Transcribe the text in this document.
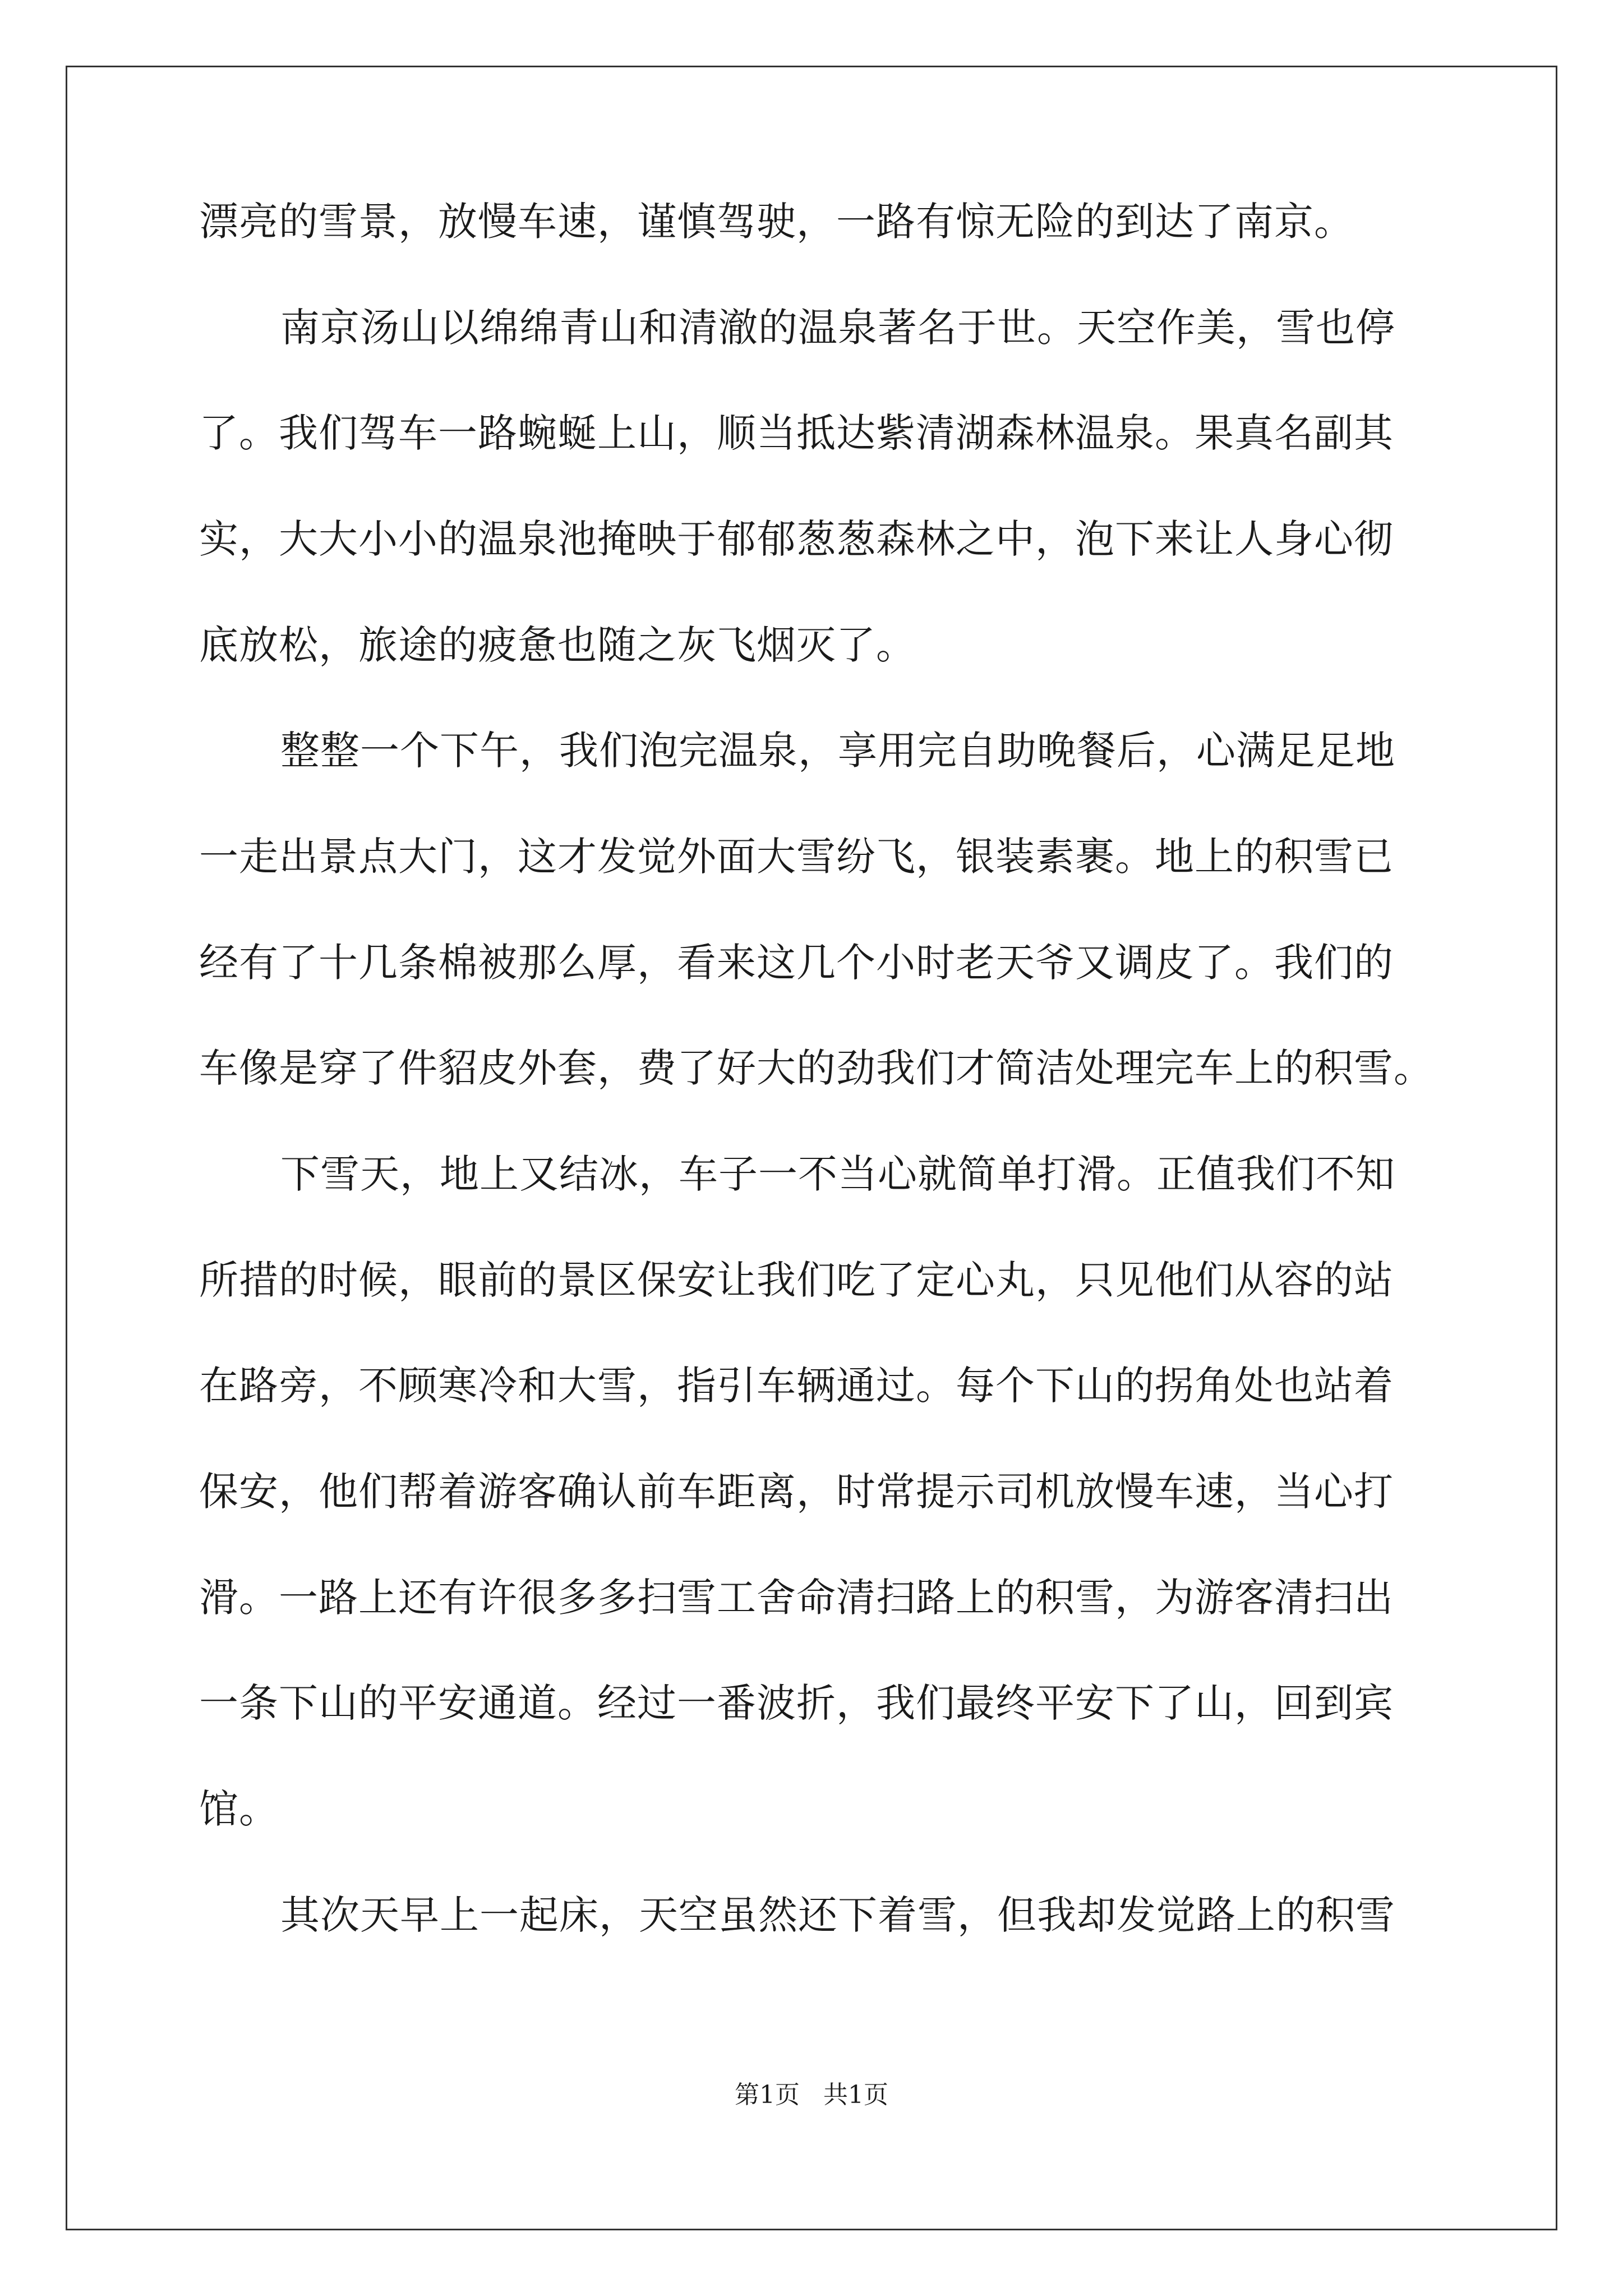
漂亮的雪景，放慢车速，谨慎驾驶，一路有惊无险的到达了南京。
南京汤山以绵绵青山和清澈的温泉著名于世。天空作美，雪也停
了。我们驾车一路蜿蜒上山，顺当抵达紫清湖森林温泉。果真名副其
实，大大小小的温泉池掩映于郁郁葱葱森林之中，泡下来让人身心彻
底放松，旅途的疲惫也随之灰飞烟灭了。
整整一个下午，我们泡完温泉，享用完自助晚餐后，心满足足地
一走出景点大门，这才发觉外面大雪纷飞，银装素裹。地上的积雪已
经有了十几条棉被那么厚，看来这几个小时老天爷又调皮了。我们的
车像是穿了件貂皮外套，费了好大的劲我们才简洁处理完车上的积雪。
下雪天，地上又结冰，车子一不当心就简单打滑。正值我们不知
所措的时候，眼前的景区保安让我们吃了定心丸，只见他们从容的站
在路旁，不顾寒冷和大雪，指引车辆通过。每个下山的拐角处也站着
保安，他们帮着游客确认前车距离，时常提示司机放慢车速，当心打
滑。一路上还有许很多多扫雪工舍命清扫路上的积雪，为游客清扫出
一条下山的平安通道。经过一番波折，我们最终平安下了山，回到宾
馆。
其次天早上一起床，天空虽然还下着雪，但我却发觉路上的积雪
第1页 共1页
